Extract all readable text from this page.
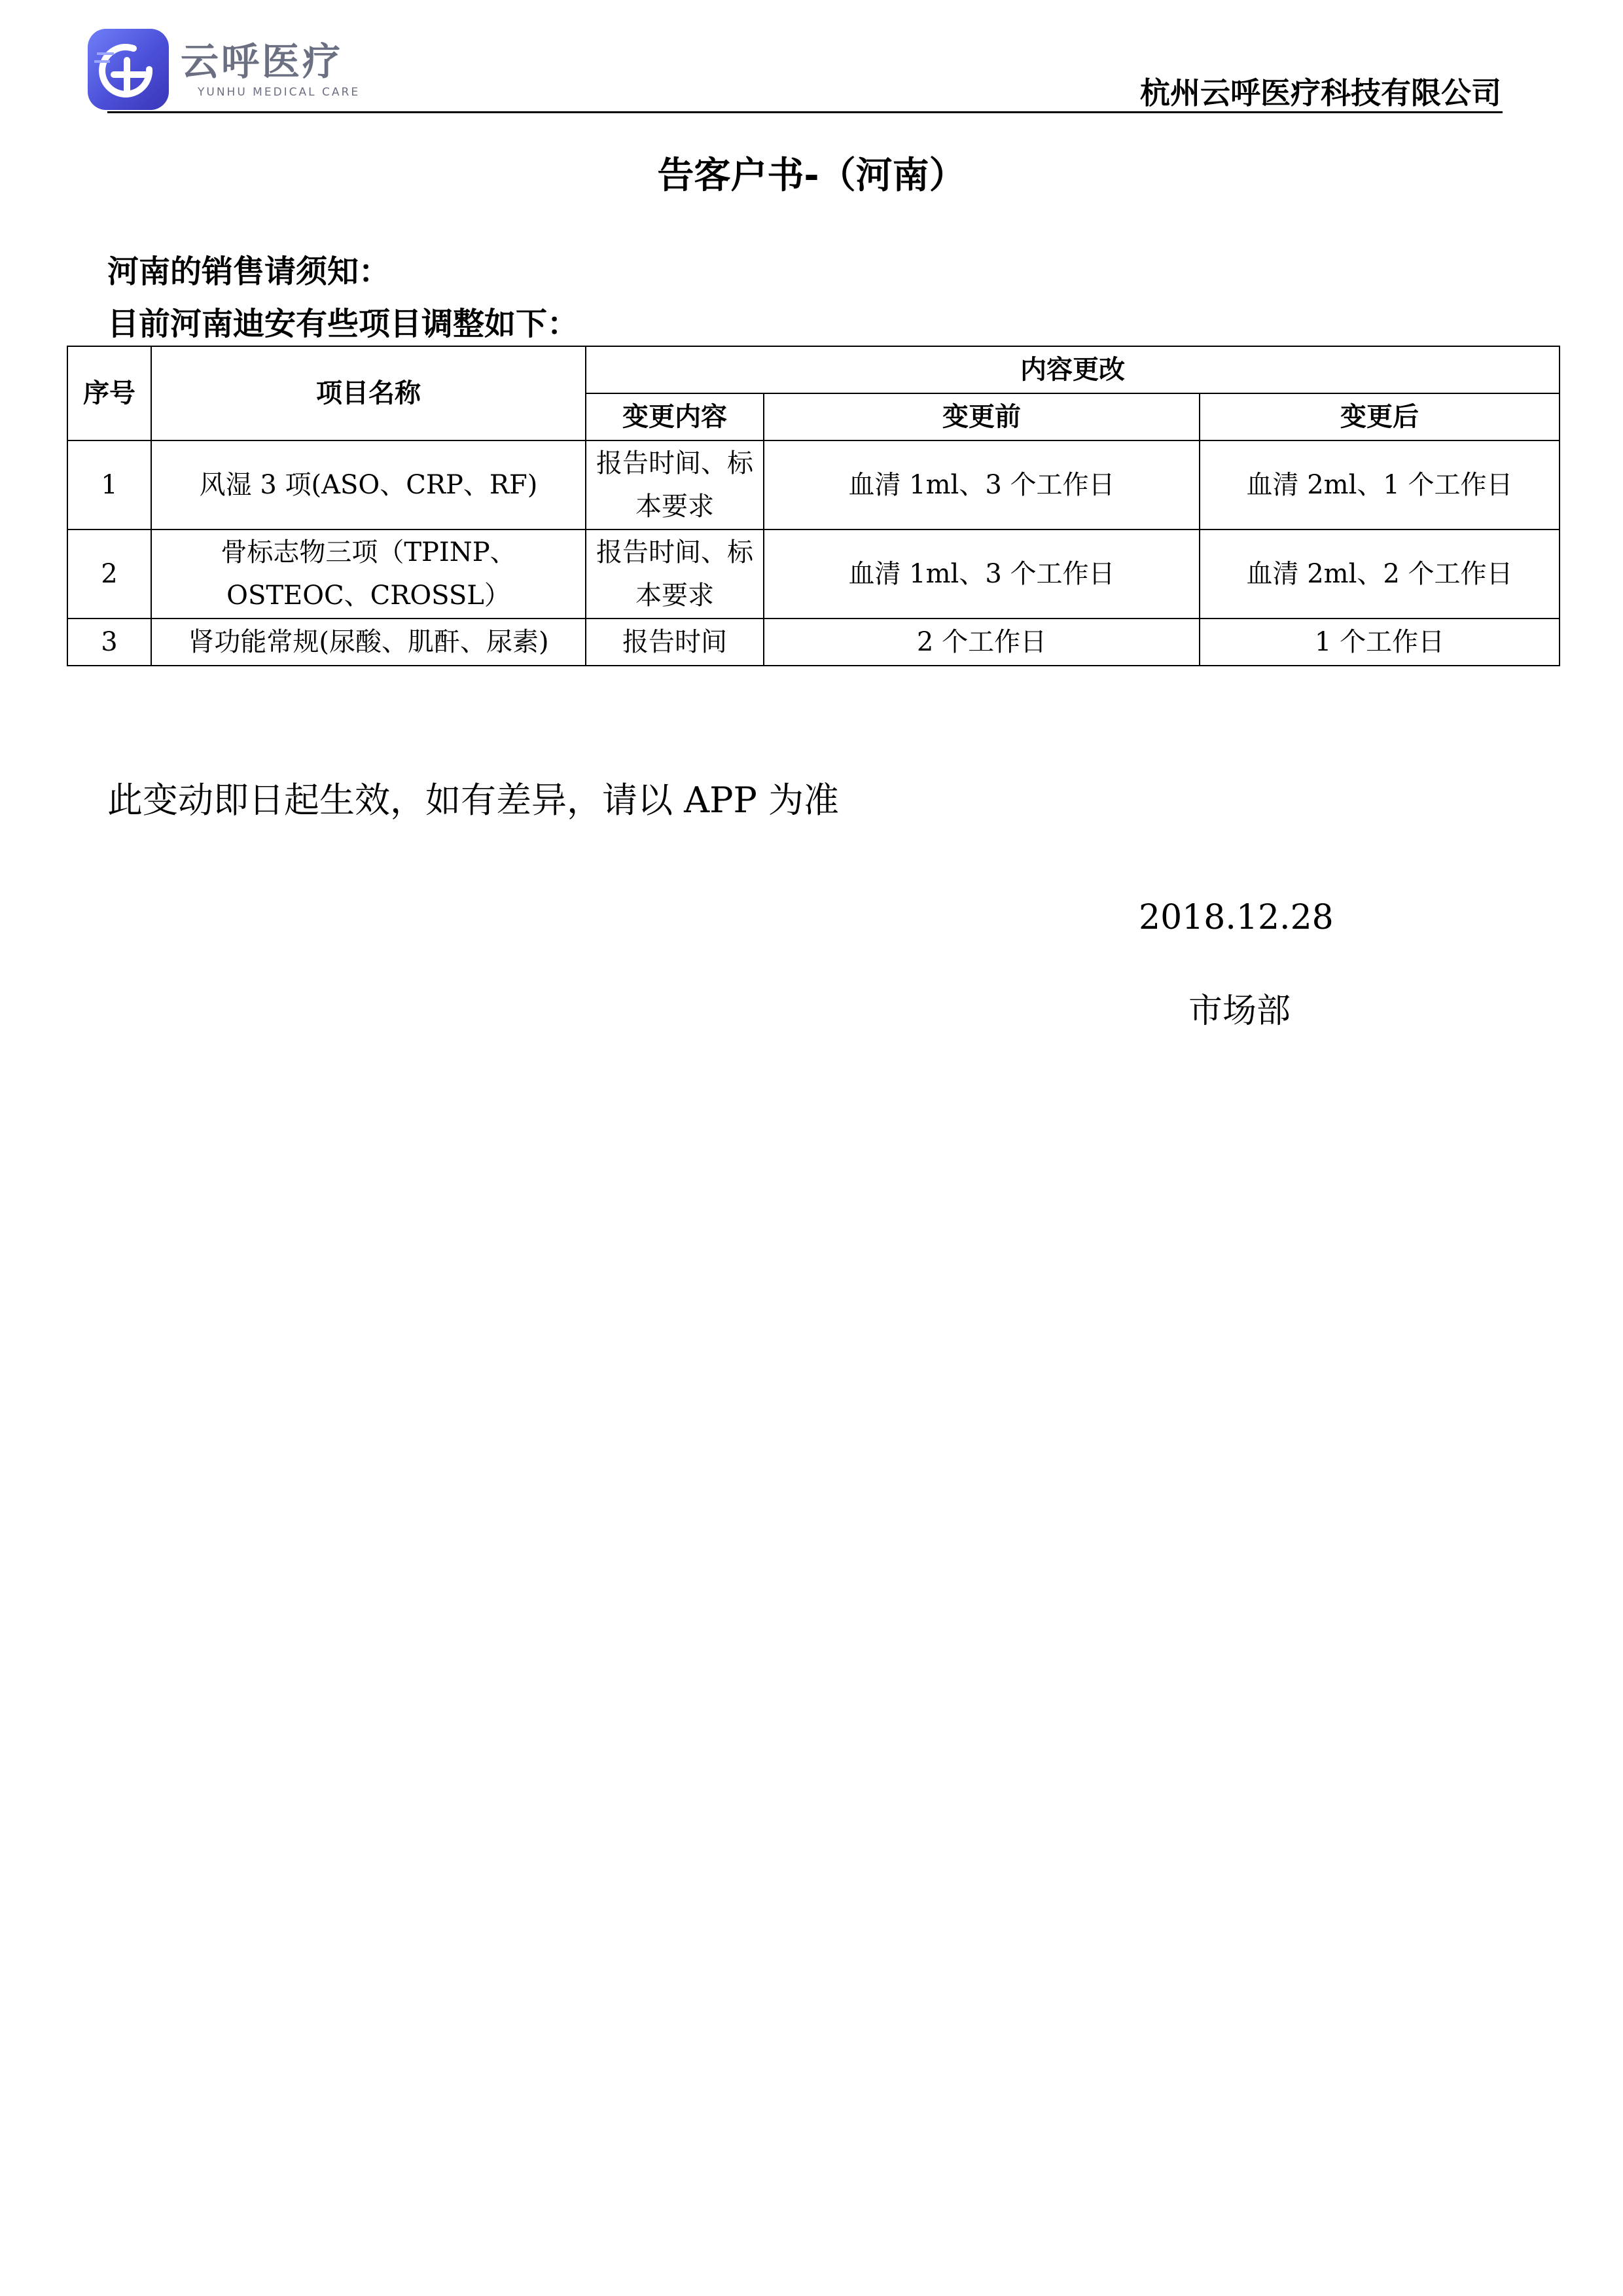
云呼医疗
YUNHU MEDICAL CARE	杭州云呼医疗科技有限公司
告客户书-（河南）
河南的销售请须知：
目前河南迪安有些项目调整如下：
序号	项目名称	内容更改		
		变更内容	变更前	变更后
1	风湿 3 项(ASO、CRP、RF)	报告时间、标本要求	血清 1ml、3 个工作日	血清 2ml、1 个工作日
2	骨标志物三项（TPINP、OSTEOC、CROSSL）	报告时间、标本要求	血清 1ml、3 个工作日	血清 2ml、2 个工作日
3	肾功能常规(尿酸、肌酐、尿素)	报告时间	2 个工作日	1 个工作日
此变动即日起生效，如有差异，请以 APP 为准
2018.12.28
市场部
